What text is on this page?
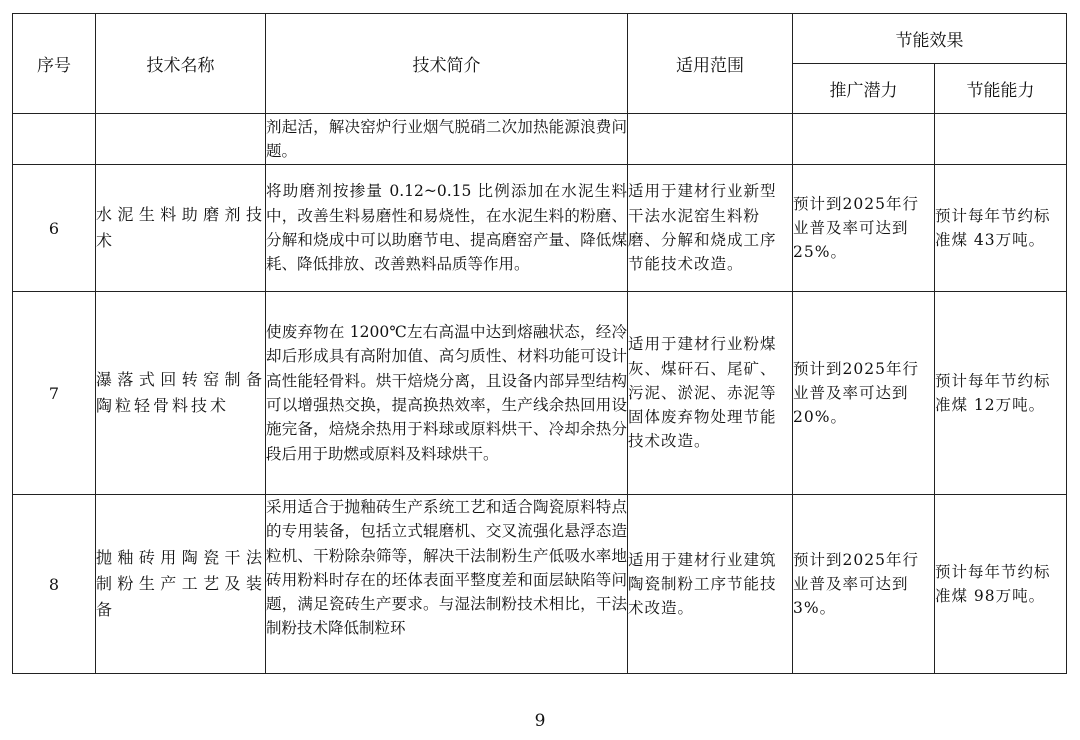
序号	技术名称	技术简介	适用范围	节能效果	
				推广潜力	节能能力
		剂起活，解决窑炉行业烟气脱硝二次加热能源浪费问题。			
6	水泥生料助磨剂技术	将助磨剂按掺量 0.12~0.15 比例添加在水泥生料中，改善生料易磨性和易烧性，在水泥生料的粉磨、分解和烧成中可以助磨节电、提高磨窑产量、降低煤耗、降低排放、改善熟料品质等作用。	适用于建材行业新型干法水泥窑生料粉磨、分解和烧成工序节能技术改造。	预计到2025年行业普及率可达到25%。	预计每年节约标准煤 43万吨。
7	瀑落式回转窑制备陶粒轻骨料技术	使废弃物在 1200℃左右高温中达到熔融状态，经冷却后形成具有高附加值、高匀质性、材料功能可设计高性能轻骨料。烘干焙烧分离，且设备内部异型结构可以增强热交换，提高换热效率，生产线余热回用设施完备，焙烧余热用于料球或原料烘干、冷却余热分段后用于助燃或原料及料球烘干。	适用于建材行业粉煤灰、煤矸石、尾矿、污泥、淤泥、赤泥等固体废弃物处理节能技术改造。	预计到2025年行业普及率可达到20%。	预计每年节约标准煤 12万吨。
8	抛釉砖用陶瓷干法制粉生产工艺及装备	采用适合于抛釉砖生产系统工艺和适合陶瓷原料特点的专用装备，包括立式辊磨机、交叉流强化悬浮态造粒机、干粉除杂筛等，解决干法制粉生产低吸水率地砖用粉料时存在的坯体表面平整度差和面层缺陷等问题，满足瓷砖生产要求。与湿法制粉技术相比，干法制粉技术降低制粒环	适用于建材行业建筑陶瓷制粉工序节能技术改造。	预计到2025年行业普及率可达到3%。	预计每年节约标准煤 98万吨。
9
